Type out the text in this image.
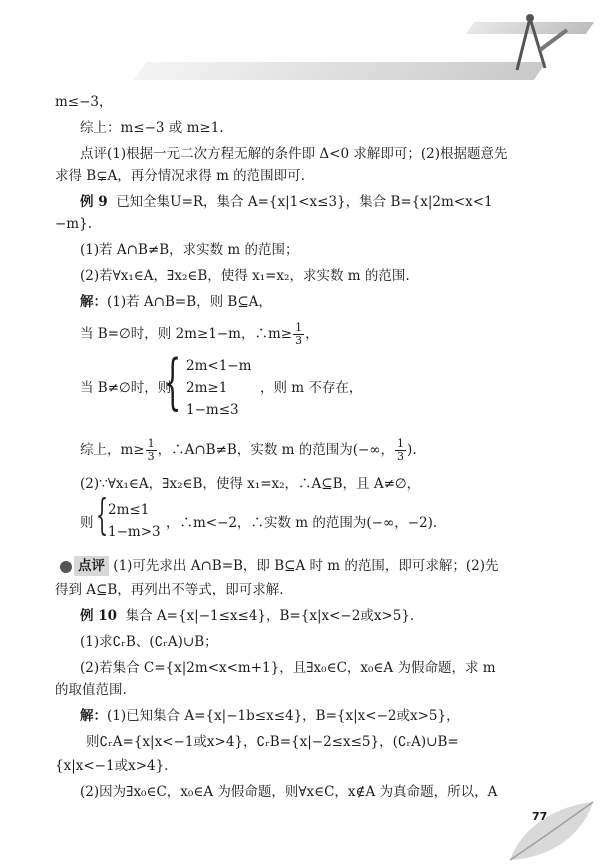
m≤−3，
综上：m≤−3 或 m≥1.
点评(1)根据一元二次方程无解的条件即 Δ<0 求解即可；(2)根据题意先
求得 B⊊A，再分情况求得 m 的范围即可.
例 9 已知全集U=R，集合 A={x|1<x≤3}，集合 B={x|2m<x<1
−m}.
(1)若 A∩B≠B，求实数 m 的范围；
(2)若∀x₁∈A，∃x₂∈B，使得 x₁=x₂，求实数 m 的范围.
解：(1)若 A∩B=B，则 B⊆A，
当 B=∅时，则 2m≥1−m，∴m≥ $\frac{1}{3}$ ，
当 B≠∅时，则
{ 2m<1−m
2m≥1
1−m≤3
，则 m 不存在，
综上，$m\ge \frac{1}{3}$ ，∴A∩B≠B，实数 m 的范围为(−∞， $\frac{1}{3}$ ).
(2)∵∀x₁∈A，∃x₂∈B，使得 x₁=x₂，∴A⊆B，且 A≠∅，
则 { 2m≤1
1−m>3
，∴m<−2，∴实数 m 的范围为(−∞，−2).
点评 (1)可先求出 A∩B=B，即 B⊆A 时 m 的范围，即可求解；(2)先
得到 A⊆B，再列出不等式，即可求解.
例 10 集合 A={x|−1≤x≤4}，B={x|x<−2或x>5}.
(1)求∁ᵣB、(∁ᵣA)∪B；
(2)若集合 C={x|2m<x<m+1}，且∃x₀∈C，x₀∈A 为假命题，求 m
的取值范围.
解：(1)已知集合 A={x|−1b≤x≤4}，B={x|x<−2或x>5}，
则∁ᵣA={x|x<−1或x>4}，∁ᵣB={x|−2≤x≤5}，(∁ᵣA)∪B=
{x|x<−1或x>4}.
(2)因为∃x₀∈C，x₀∈A 为假命题，则∀x∈C，x∉A 为真命题，所以，A
77
